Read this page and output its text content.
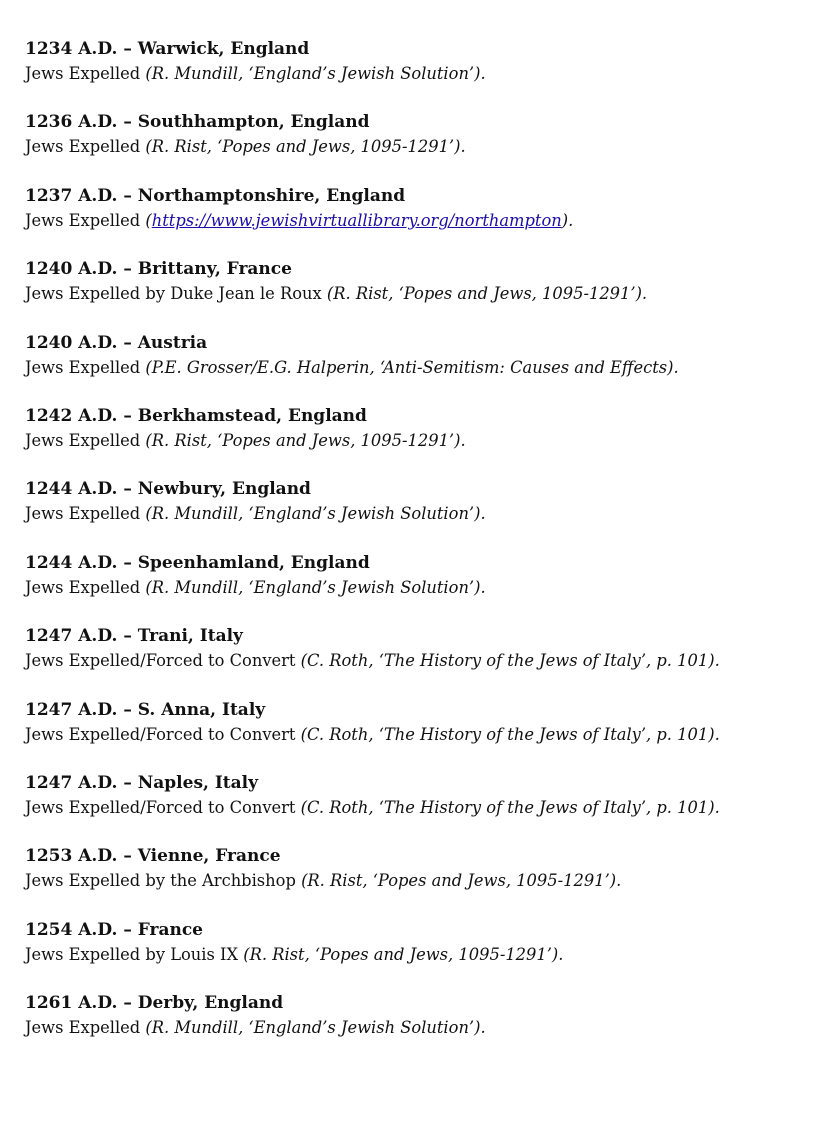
1234 A.D. – Warwick, England
Jews Expelled (R. Mundill, ‘England’s Jewish Solution’).
1236 A.D. – Southhampton, England
Jews Expelled (R. Rist, ‘Popes and Jews, 1095-1291’).
1237 A.D. – Northamptonshire, England
Jews Expelled (https://www.jewishvirtuallibrary.org/northampton).
1240 A.D. – Brittany, France
Jews Expelled by Duke Jean le Roux (R. Rist, ‘Popes and Jews, 1095-1291’).
1240 A.D. – Austria
Jews Expelled (P.E. Grosser/E.G. Halperin, ‘Anti-Semitism: Causes and Effects).
1242 A.D. – Berkhamstead, England
Jews Expelled (R. Rist, ‘Popes and Jews, 1095-1291’).
1244 A.D. – Newbury, England
Jews Expelled (R. Mundill, ‘England’s Jewish Solution’).
1244 A.D. – Speenhamland, England
Jews Expelled (R. Mundill, ‘England’s Jewish Solution’).
1247 A.D. – Trani, Italy
Jews Expelled/Forced to Convert (C. Roth, ‘The History of the Jews of Italy’, p. 101).
1247 A.D. – S. Anna, Italy
Jews Expelled/Forced to Convert (C. Roth, ‘The History of the Jews of Italy’, p. 101).
1247 A.D. – Naples, Italy
Jews Expelled/Forced to Convert (C. Roth, ‘The History of the Jews of Italy’, p. 101).
1253 A.D. – Vienne, France
Jews Expelled by the Archbishop (R. Rist, ‘Popes and Jews, 1095-1291’).
1254 A.D. – France
Jews Expelled by Louis IX (R. Rist, ‘Popes and Jews, 1095-1291’).
1261 A.D. – Derby, England
Jews Expelled (R. Mundill, ‘England’s Jewish Solution’).
